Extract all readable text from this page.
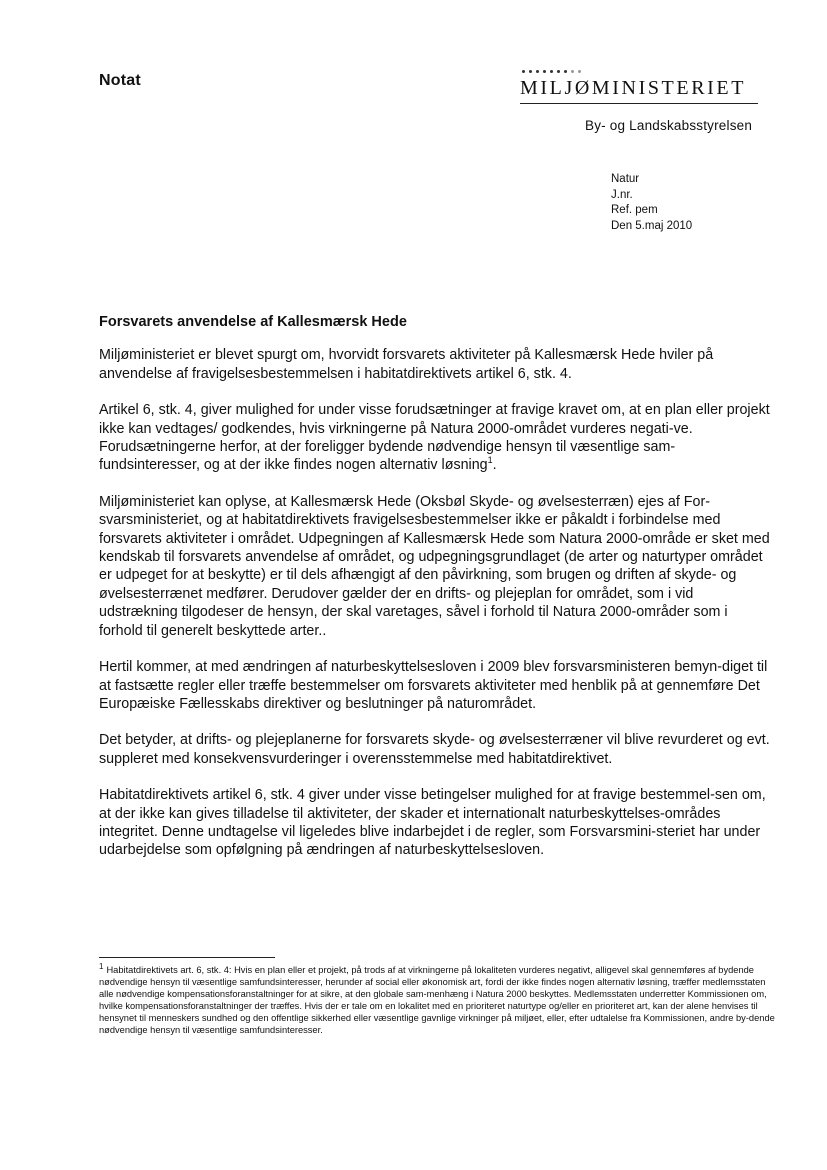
Notat	MILJØMINISTERIET
By- og Landskabsstyrelsen
Natur
J.nr.
Ref. pem
Den 5.maj 2010
Forsvarets anvendelse af Kallesmærsk Hede

Miljøministeriet er blevet spurgt om, hvorvidt forsvarets aktiviteter på Kallesmærsk Hede hviler på anvendelse af fravigelsesbestemmelsen i habitatdirektivets artikel 6, stk. 4.

Artikel 6, stk. 4, giver mulighed for under visse forudsætninger at fravige kravet om, at en plan eller projekt ikke kan vedtages/ godkendes, hvis virkningerne på Natura 2000-området vurderes negati-ve. Forudsætningerne herfor, at der foreligger bydende nødvendige hensyn til væsentlige sam-fundsinteresser, og at der ikke findes nogen alternativ løsning$^1$.

Miljøministeriet kan oplyse, at Kallesmærsk Hede (Oksbøl Skyde- og øvelsesterræn) ejes af For-svarsministeriet, og at habitatdirektivets fravigelsesbestemmelser ikke er påkaldt i forbindelse med forsvarets aktiviteter i området. Udpegningen af Kallesmærsk Hede som Natura 2000-område er sket med kendskab til forsvarets anvendelse af området, og udpegningsgrundlaget (de arter og naturtyper området er udpeget for at beskytte) er til dels afhængigt af den påvirkning, som brugen og driften af skyde- og øvelsesterrænet medfører. Derudover gælder der en drifts- og plejeplan for området, som i vid udstrækning tilgodeser de hensyn, der skal varetages, såvel i forhold til Natura 2000-områder som i forhold til generelt beskyttede arter..

Hertil kommer, at med ændringen af naturbeskyttelsesloven i 2009 blev forsvarsministeren bemyn-diget til at fastsætte regler eller træffe bestemmelser om forsvarets aktiviteter med henblik på at gennemføre Det Europæiske Fællesskabs direktiver og beslutninger på naturområdet.

Det betyder, at drifts- og plejeplanerne for forsvarets skyde- og øvelsesterræner vil blive revurderet og evt. suppleret med konsekvensvurderinger i overensstemmelse med habitatdirektivet.

Habitatdirektivets artikel 6, stk. 4 giver under visse betingelser mulighed for at fravige bestemmel-sen om, at der ikke kan gives tilladelse til aktiviteter, der skader et internationalt naturbeskyttelses-områdes integritet. Denne undtagelse vil ligeledes blive indarbejdet i de regler, som Forsvarsmini-steriet har under udarbejdelse som opfølgning på ændringen af naturbeskyttelsesloven.

1 Habitatdirektivets art. 6, stk. 4: Hvis en plan eller et projekt, på trods af at virkningerne på lokaliteten vurderes negativt, alligevel skal gennemføres af bydende nødvendige hensyn til væsentlige samfundsinteresser, herunder af social eller økonomisk art, fordi der ikke findes nogen alternativ løsning, træffer medlemsstaten alle nødvendige kompensationsforanstaltninger for at sikre, at den globale sam-menhæng i Natura 2000 beskyttes. Medlemsstaten underretter Kommissionen om, hvilke kompensationsforanstaltninger der træffes. Hvis der er tale om en lokalitet med en prioriteret naturtype og/eller en prioriteret art, kan der alene henvises til hensynet til menneskers sundhed og den offentlige sikkerhed eller væsentlige gavnlige virkninger på miljøet, eller, efter udtalelse fra Kommissionen, andre by-dende nødvendige hensyn til væsentlige samfundsinteresser.
